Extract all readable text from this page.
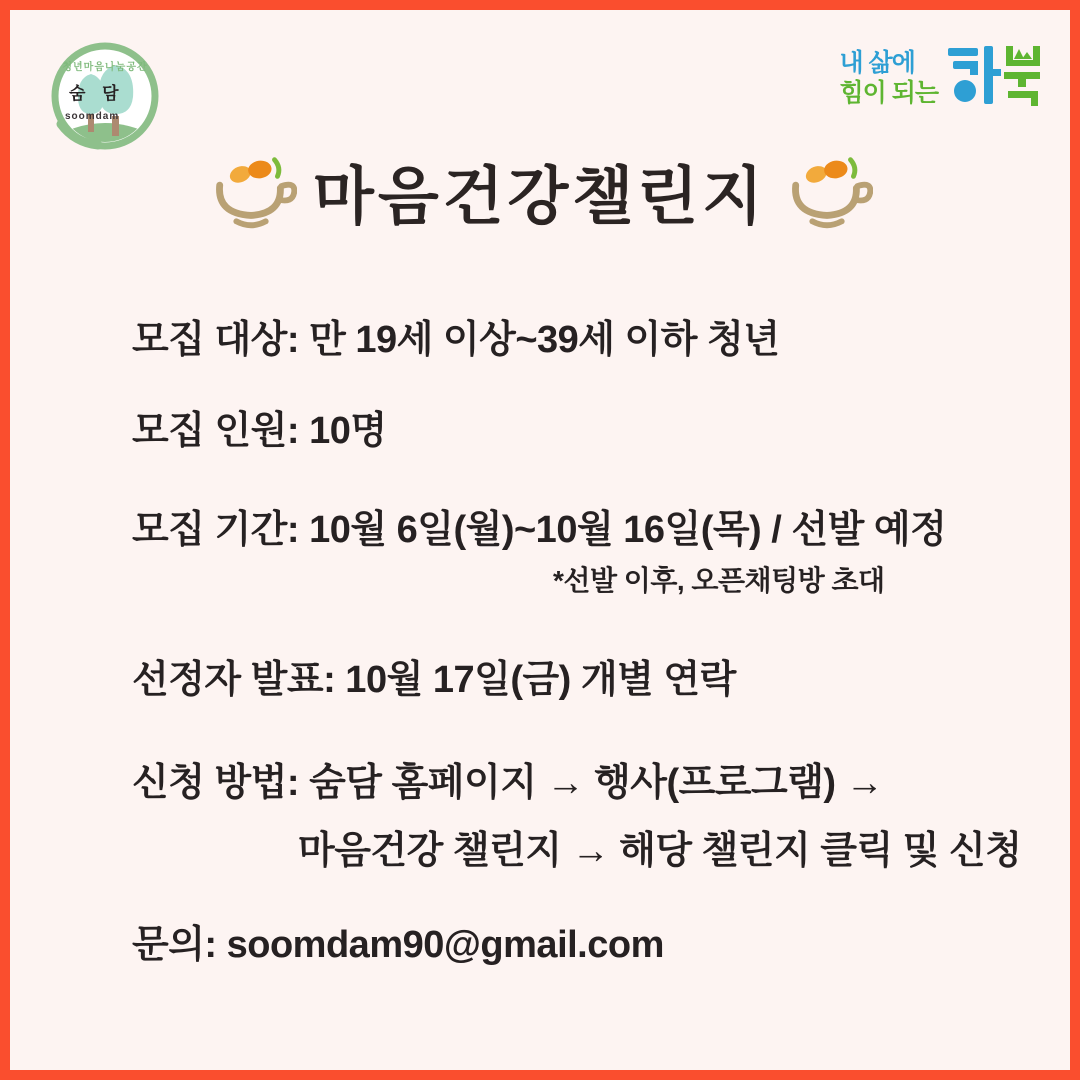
청년마음나눔공간
숨 담
soomdam
내 삶에
힘이 되는
마음건강챌린지
모집 대상: 만 19세 이상~39세 이하 청년
모집 인원: 10명
모집 기간: 10월 6일(월)~10월 16일(목) / 선발 예정
*선발 이후, 오픈채팅방 초대
선정자 발표: 10월 17일(금) 개별 연락
신청 방법: 숨담 홈페이지 → 행사(프로그램) →
마음건강 챌린지 → 해당 챌린지 클릭 및 신청
문의: soomdam90@gmail.com
